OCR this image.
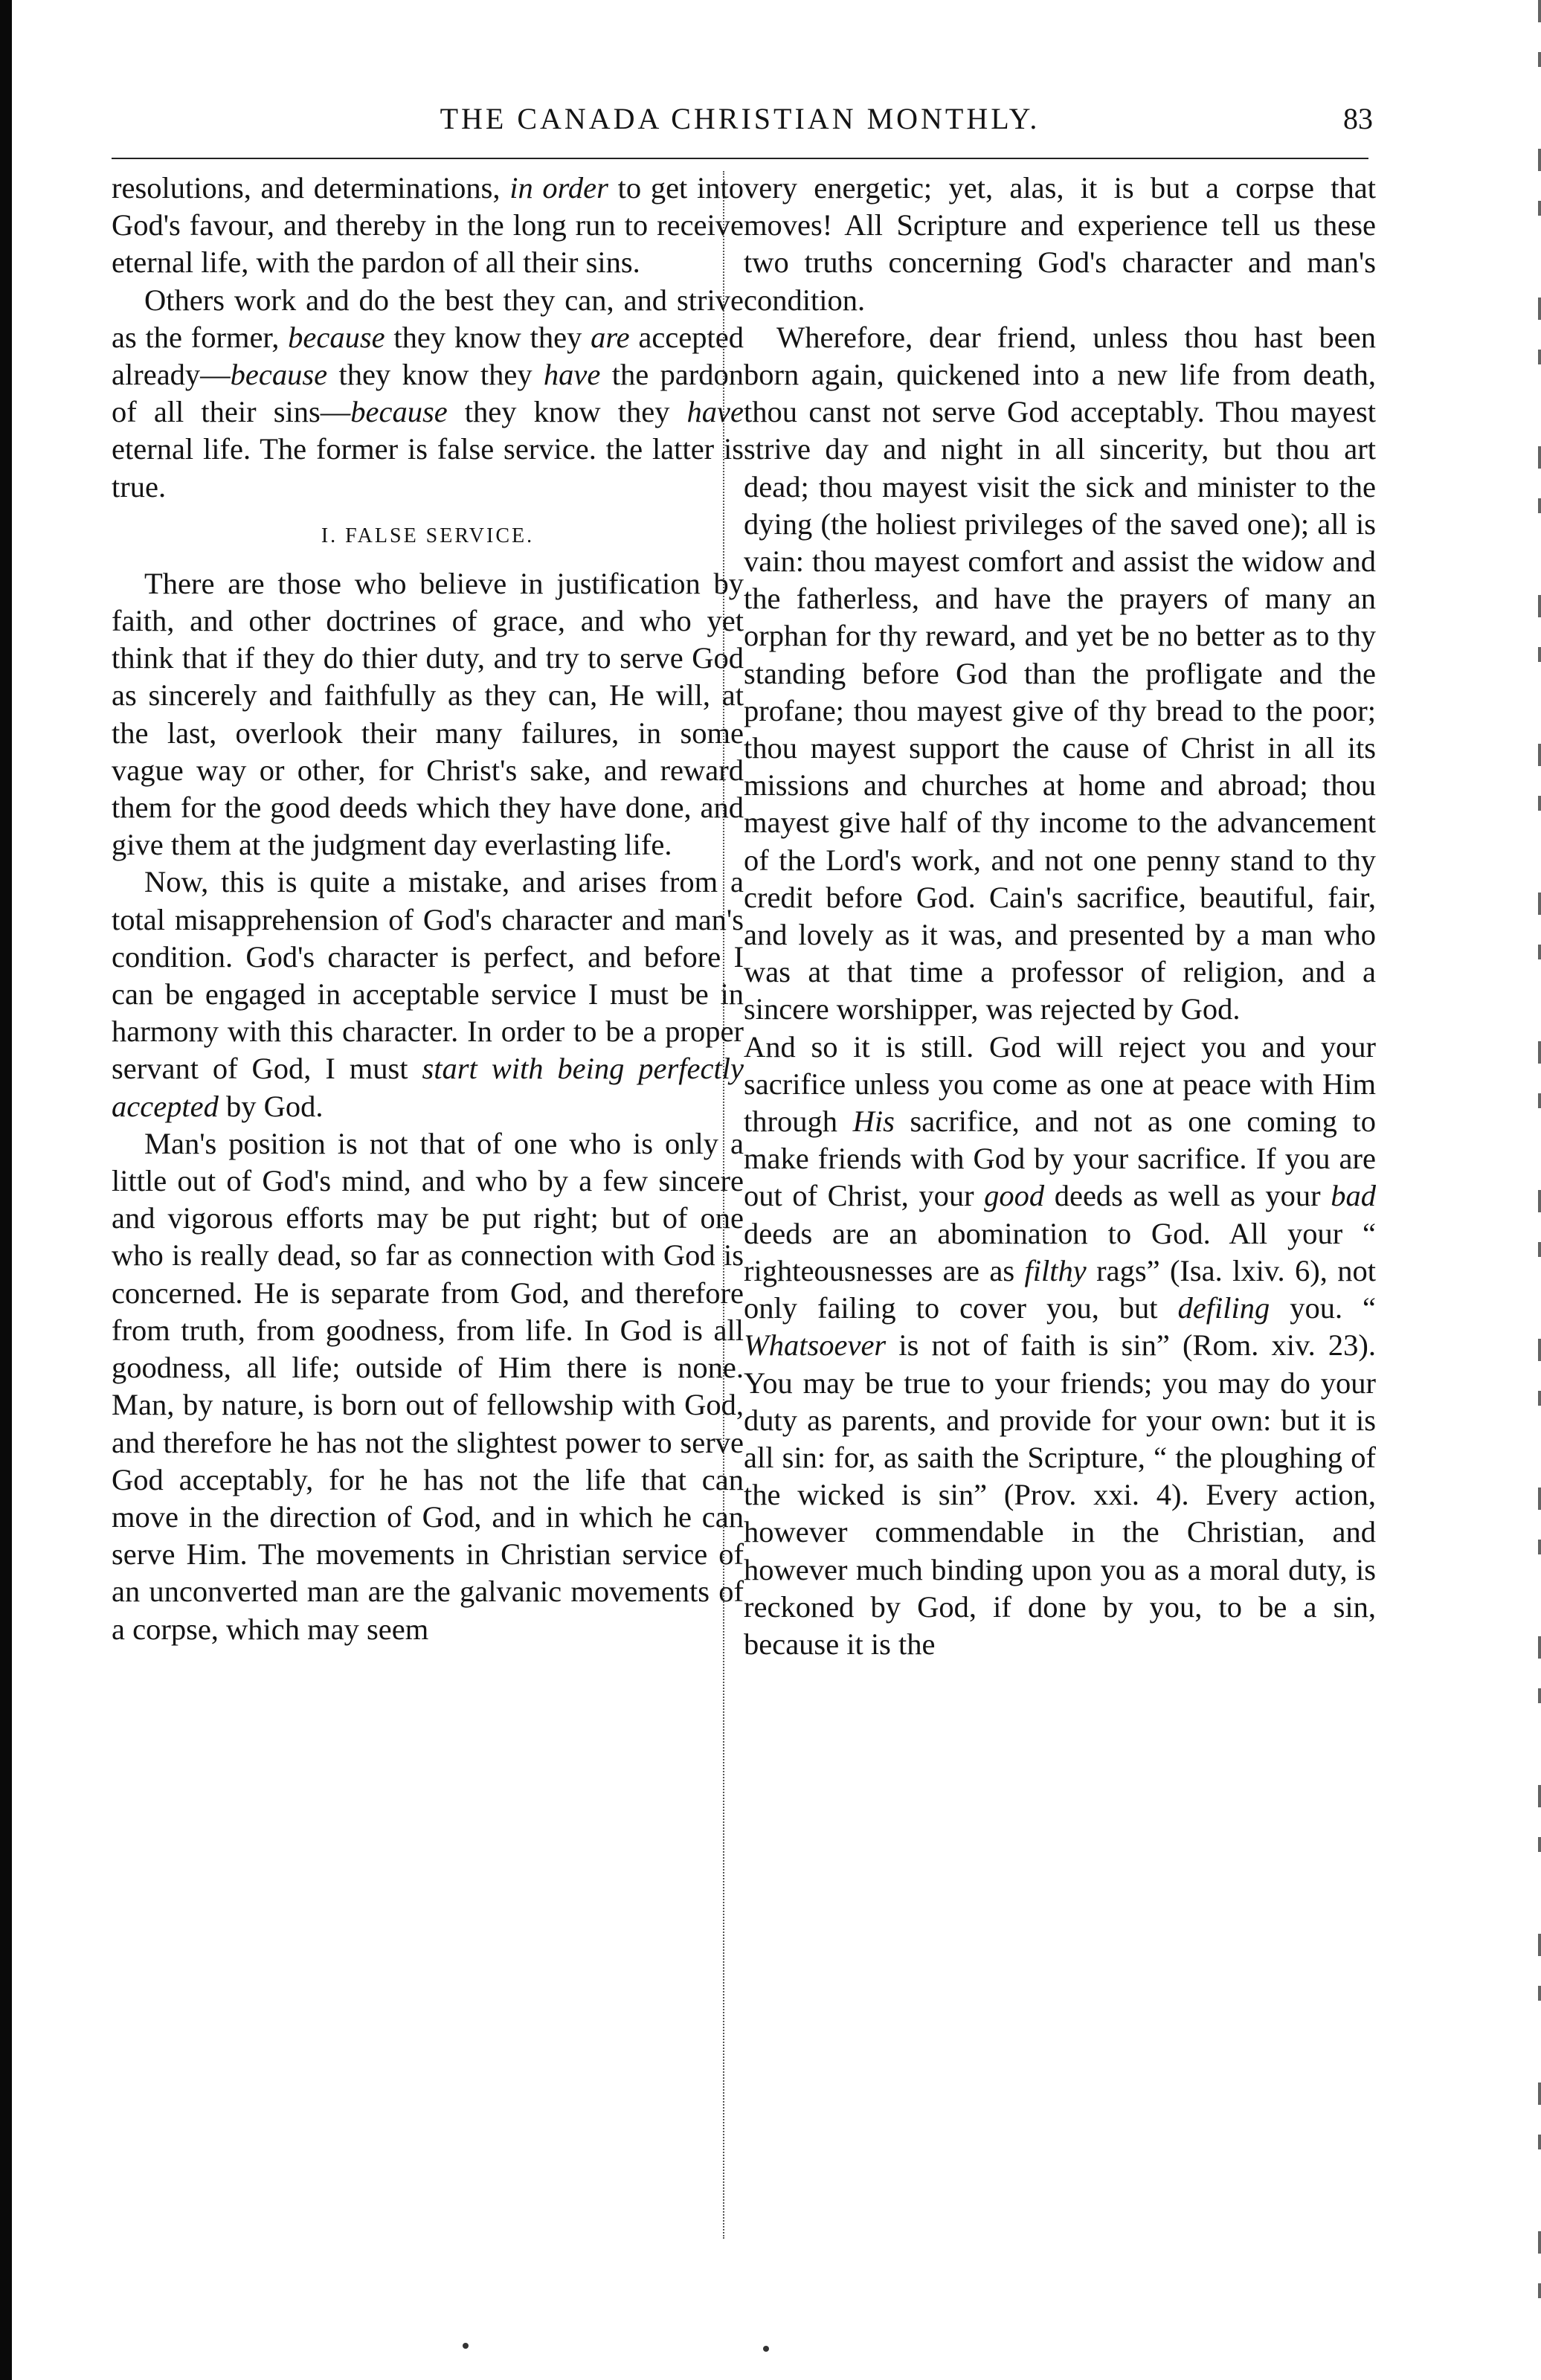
THE CANADA CHRISTIAN MONTHLY.	83

resolutions, and determinations, in order to get into God's favour, and thereby in the long run to receive eternal life, with the pardon of all their sins.

Others work and do the best they can, and strive as the former, because they know they are accepted already—because they know they have the pardon of all their sins—because they know they have eternal life. The former is false service. the latter is true.

I. FALSE SERVICE.

There are those who believe in justification by faith, and other doctrines of grace, and who yet think that if they do thier duty, and try to serve God as sincerely and faithfully as they can, He will, at the last, overlook their many failures, in some vague way or other, for Christ's sake, and reward them for the good deeds which they have done, and give them at the judgment day everlasting life.

Now, this is quite a mistake, and arises from a total misapprehension of God's character and man's condition. God's character is perfect, and before I can be engaged in acceptable service I must be in harmony with this character. In order to be a proper servant of God, I must start with being perfectly accepted by God.

Man's position is not that of one who is only a little out of God's mind, and who by a few sincere and vigorous efforts may be put right; but of one who is really dead, so far as connection with God is concerned. He is separate from God, and therefore from truth, from goodness, from life. In God is all goodness, all life; outside of Him there is none. Man, by nature, is born out of fellowship with God, and therefore he has not the slightest power to serve God acceptably, for he has not the life that can move in the direction of God, and in which he can serve Him. The movements in Christian service of an unconverted man are the galvanic movements of a corpse, which may seem

very energetic; yet, alas, it is but a corpse that moves! All Scripture and experience tell us these two truths concerning God's character and man's condition.

Wherefore, dear friend, unless thou hast been born again, quickened into a new life from death, thou canst not serve God acceptably. Thou mayest strive day and night in all sincerity, but thou art dead; thou mayest visit the sick and minister to the dying (the holiest privileges of the saved one); all is vain: thou mayest comfort and assist the widow and the fatherless, and have the prayers of many an orphan for thy reward, and yet be no better as to thy standing before God than the profligate and the profane; thou mayest give of thy bread to the poor; thou mayest support the cause of Christ in all its missions and churches at home and abroad; thou mayest give half of thy income to the advancement of the Lord's work, and not one penny stand to thy credit before God. Cain's sacrifice, beautiful, fair, and lovely as it was, and presented by a man who was at that time a professor of religion, and a sincere worshipper, was rejected by God.

And so it is still. God will reject you and your sacrifice unless you come as one at peace with Him through His sacrifice, and not as one coming to make friends with God by your sacrifice. If you are out of Christ, your good deeds as well as your bad deeds are an abomination to God. All your “ righteousnesses are as filthy rags” (Isa. lxiv. 6), not only failing to cover you, but defiling you. “ Whatsoever is not of faith is sin” (Rom. xiv. 23). You may be true to your friends; you may do your duty as parents, and provide for your own: but it is all sin: for, as saith the Scripture, “ the ploughing of the wicked is sin” (Prov. xxi. 4). Every action, however commendable in the Christian, and however much binding upon you as a moral duty, is reckoned by God, if done by you, to be a sin, because it is the
